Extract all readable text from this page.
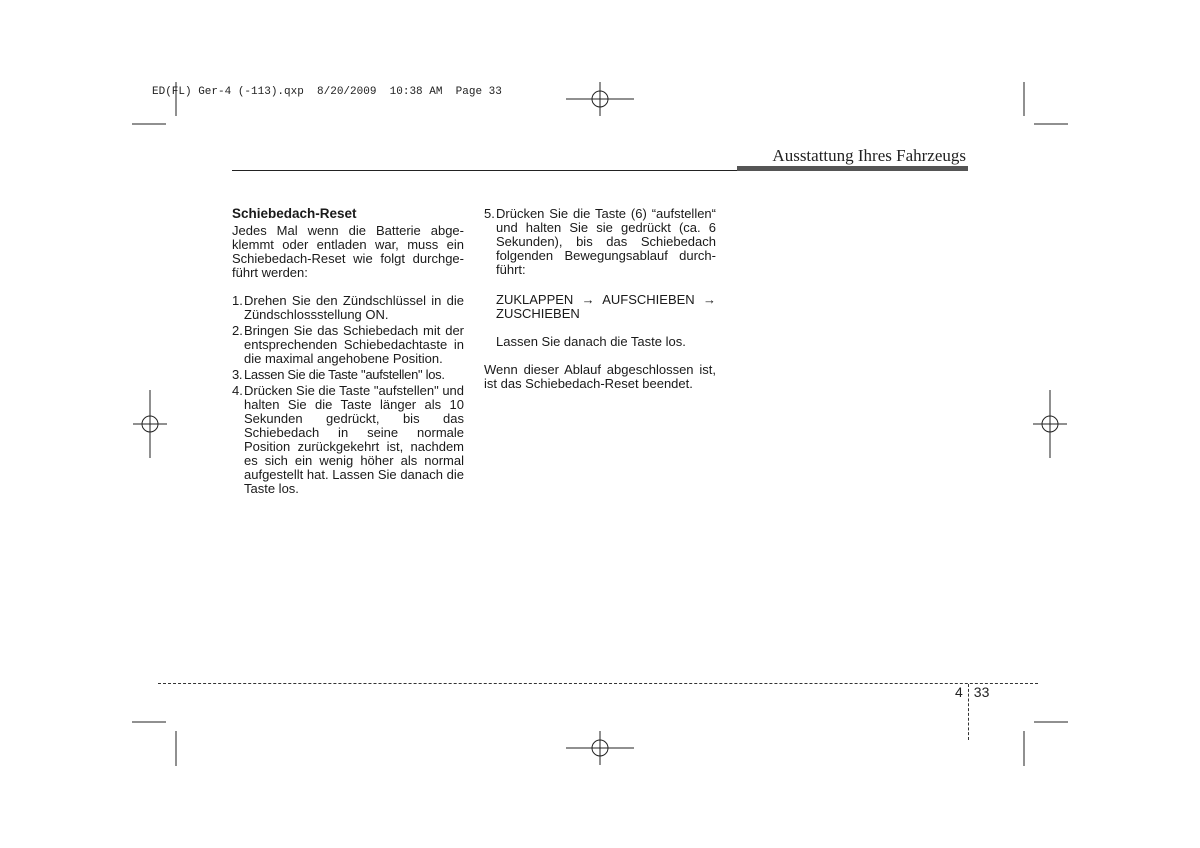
ED(FL) Ger-4 (-113).qxp  8/20/2009  10:38 AM  Page 33
Ausstattung Ihres Fahrzeugs
Schiebedach-Reset
Jedes Mal wenn die Batterie abge-klemmt oder entladen war, muss ein Schiebedach-Reset wie folgt durchge-führt werden:
1. Drehen Sie den Zündschlüssel in die Zündschlossstellung ON.
2. Bringen Sie das Schiebedach mit der entsprechenden Schiebedachtaste in die maximal angehobene Position.
3. Lassen Sie die Taste "aufstellen" los.
4. Drücken Sie die Taste "aufstellen" und halten Sie die Taste länger als 10 Sekunden gedrückt, bis das Schiebedach in seine normale Position zurückgekehrt ist, nachdem es sich ein wenig höher als normal aufgestellt hat. Lassen Sie danach die Taste los.
5. Drücken Sie die Taste (6) “aufstellen“ und halten Sie sie gedrückt (ca. 6 Sekunden), bis das Schiebedach folgenden Bewegungsablauf durch-führt:
ZUKLAPPEN → AUFSCHIEBEN → ZUSCHIEBEN
Lassen Sie danach die Taste los.
Wenn dieser Ablauf abgeschlossen ist, ist das Schiebedach-Reset beendet.
4 33
